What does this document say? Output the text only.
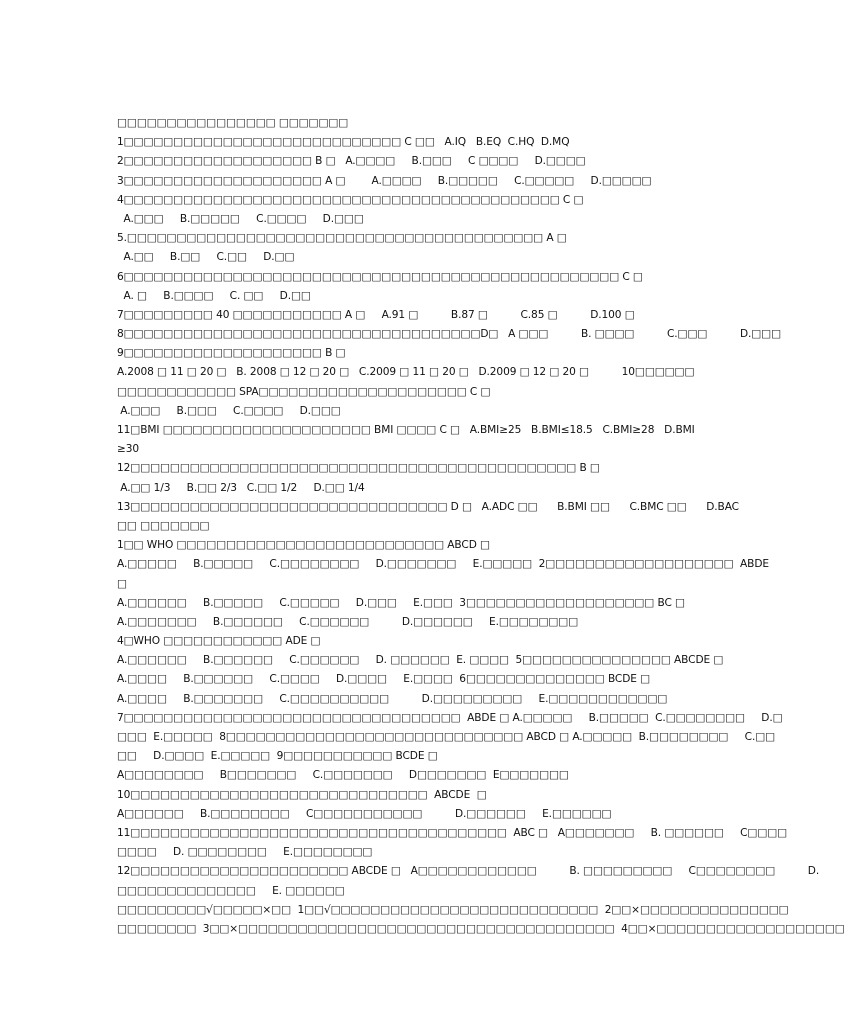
□□□□□□□□□□□□□□□□ □□□□□□□
1□□□□□□□□□□□□□□□□□□□□□□□□□□□□ C □□   A.IQ   B.EQ  C.HQ  D.MQ
2□□□□□□□□□□□□□□□□□□□ B □   A.□□□□     B.□□□     C □□□□     D.□□□□
3□□□□□□□□□□□□□□□□□□□□ A □        A.□□□□     B.□□□□□     C.□□□□□     D.□□□□□
4□□□□□□□□□□□□□□□□□□□□□□□□□□□□□□□□□□□□□□□□□□□□ C □
A.□□□     B.□□□□□     C.□□□□     D.□□□
5.□□□□□□□□□□□□□□□□□□□□□□□□□□□□□□□□□□□□□□□□□□ A □
A.□□     B.□□     C.□□     D.□□
6□□□□□□□□□□□□□□□□□□□□□□□□□□□□□□□□□□□□□□□□□□□□□□□□□□ C □
A. □     B.□□□□     C. □□     D.□□
7□□□□□□□□□ 40 □□□□□□□□□□□ A □     A.91 □          B.87 □          C.85 □          D.100 □
8□□□□□□□□□□□□□□□□□□□□□□□□□□□□□□□□□□□□D□   A □□□          B. □□□□          C.□□□          D.□□□
9□□□□□□□□□□□□□□□□□□□□ B □
A.2008 □ 11 □ 20 □   B. 2008 □ 12 □ 20 □   C.2009 □ 11 □ 20 □   D.2009 □ 12 □ 20 □          10□□□□□□
□□□□□□□□□□□□ SPA□□□□□□□□□□□□□□□□□□□□□ C □
A.□□□     B.□□□     C.□□□□     D.□□□
11□BMI □□□□□□□□□□□□□□□□□□□□□ BMI □□□□ C □   A.BMI≥25   B.BMI≤18.5   C.BMI≥28   D.BMI
≥30
12□□□□□□□□□□□□□□□□□□□□□□□□□□□□□□□□□□□□□□□□□□□□□ B □
A.□□ 1/3     B.□□ 2/3   C.□□ 1/2     D.□□ 1/4
13□□□□□□□□□□□□□□□□□□□□□□□□□□□□□□□□ D □   A.ADC □□      B.BMI □□      C.BMC □□      D.BAC
□□ □□□□□□□
1□□ WHO □□□□□□□□□□□□□□□□□□□□□□□□□□□ ABCD □
A.□□□□□     B.□□□□□     C.□□□□□□□□     D.□□□□□□□     E.□□□□□  2□□□□□□□□□□□□□□□□□□□  ABDE
□
A.□□□□□□     B.□□□□□     C.□□□□□     D.□□□     E.□□□  3□□□□□□□□□□□□□□□□□□□ BC □
A.□□□□□□□     B.□□□□□□     C.□□□□□□          D.□□□□□□     E.□□□□□□□□
4□WHO □□□□□□□□□□□□ ADE □
A.□□□□□□     B.□□□□□□     C.□□□□□□     D. □□□□□□  E. □□□□  5□□□□□□□□□□□□□□□ ABCDE □
A.□□□□     B.□□□□□□     C.□□□□     D.□□□□     E.□□□□  6□□□□□□□□□□□□□□ BCDE □
A.□□□□     B.□□□□□□□     C.□□□□□□□□□□          D.□□□□□□□□□     E.□□□□□□□□□□□□
7□□□□□□□□□□□□□□□□□□□□□□□□□□□□□□□□□□  ABDE □ A.□□□□□     B.□□□□□  C.□□□□□□□□     D.□
□□□  E.□□□□□  8□□□□□□□□□□□□□□□□□□□□□□□□□□□□□□ ABCD □ A.□□□□□  B.□□□□□□□□     C.□□
□□     D.□□□□  E.□□□□□  9□□□□□□□□□□□ BCDE □
A□□□□□□□□     B□□□□□□□     C.□□□□□□□     D□□□□□□□  E□□□□□□□
10□□□□□□□□□□□□□□□□□□□□□□□□□□□□□□  ABCDE  □
A□□□□□□     B.□□□□□□□□     C□□□□□□□□□□□          D.□□□□□□     E.□□□□□□
11□□□□□□□□□□□□□□□□□□□□□□□□□□□□□□□□□□□□□□  ABC □   A□□□□□□□     B. □□□□□□     C□□□□
□□□□     D. □□□□□□□□     E.□□□□□□□□
12□□□□□□□□□□□□□□□□□□□□□□ ABCDE □   A□□□□□□□□□□□□          B. □□□□□□□□□     C□□□□□□□□          D.
□□□□□□□□□□□□□□     E. □□□□□□
□□□□□□□□□√□□□□□×□□  1□□√□□□□□□□□□□□□□□□□□□□□□□□□□□□  2□□×□□□□□□□□□□□□□□□
□□□□□□□□  3□□×□□□□□□□□□□□□□□□□□□□□□□□□□□□□□□□□□□□□□□  4□□×□□□□□□□□□□□□□□□□□□□
